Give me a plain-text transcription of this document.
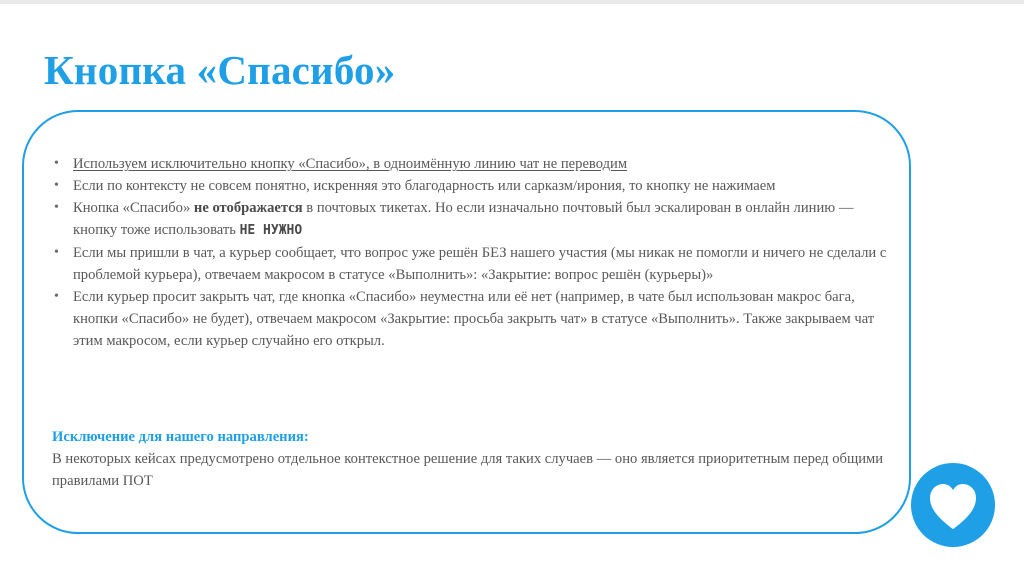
Кнопка «Спасибо»
• Используем исключительно кнопку «Спасибо», в одноимённую линию чат не переводим
• Если по контексту не совсем понятно, искренняя это благодарность или сарказм/ирония, то кнопку не нажимаем
• Кнопка «Спасибо» не отображается в почтовых тикетах. Но если изначально почтовый был эскалирован в онлайн линию — кнопку тоже использовать НЕ НУЖНО
• Если мы пришли в чат, а курьер сообщает, что вопрос уже решён БЕЗ нашего участия (мы никак не помогли и ничего не сделали с проблемой курьера), отвечаем макросом в статусе «Выполнить»: «Закрытие: вопрос решён (курьеры)»
• Если курьер просит закрыть чат, где кнопка «Спасибо» неуместна или её нет (например, в чате был использован макрос бага, кнопки «Спасибо» не будет), отвечаем макросом «Закрытие: просьба закрыть чат» в статусе «Выполнить». Также закрываем чат этим макросом, если курьер случайно его открыл.
Исключение для нашего направления:
В некоторых кейсах предусмотрено отдельное контекстное решение для таких случаев — оно является приоритетным перед общими правилами ПОТ
